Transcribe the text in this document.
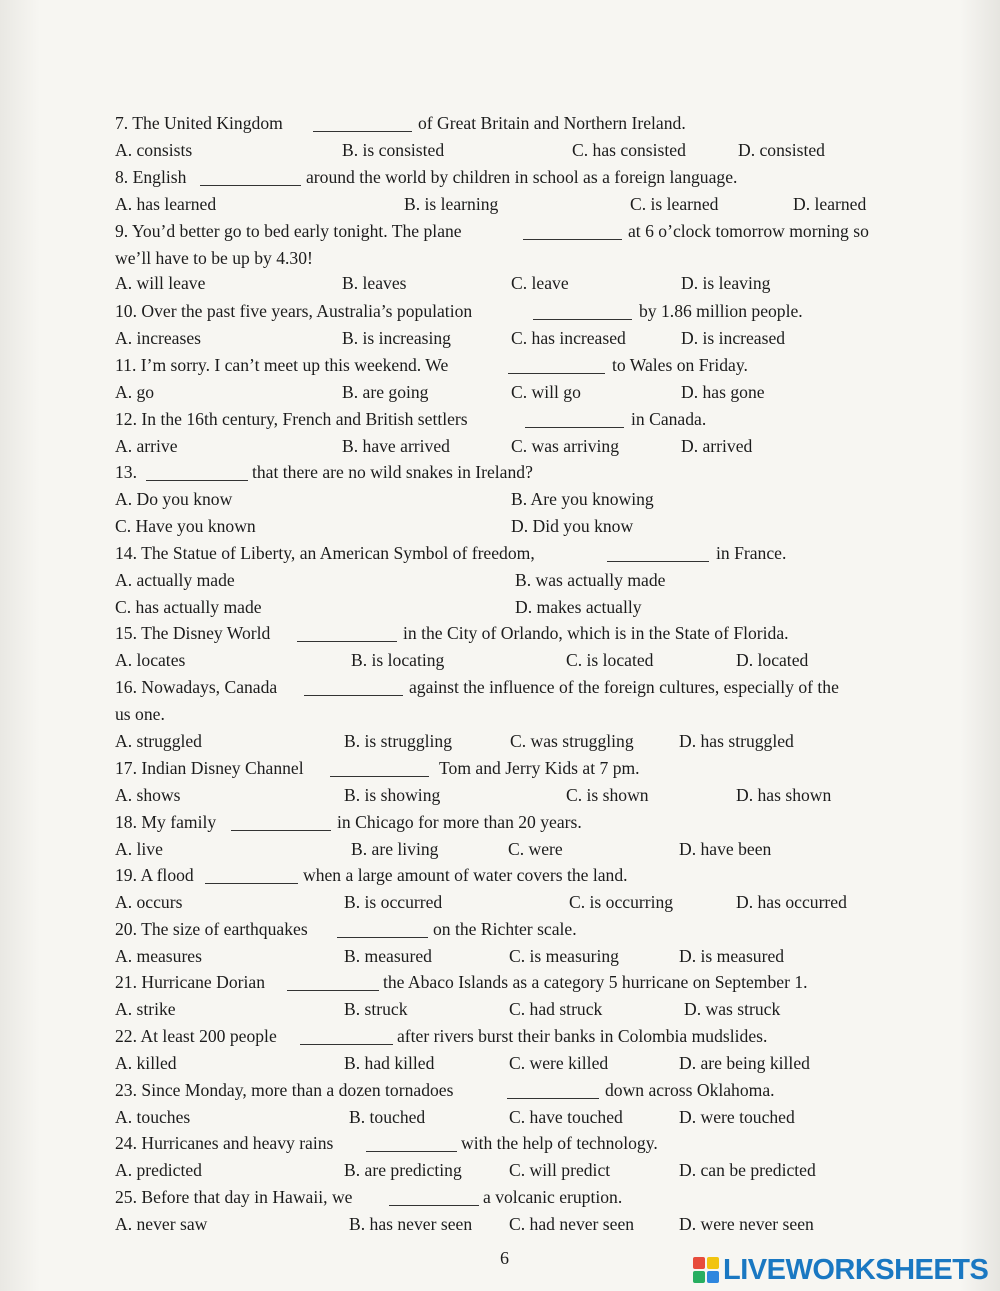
7. The United Kingdom	of Great Britain and Northern Ireland.
A. consists	B. is consisted	C. has consisted	D. consisted
8. English	around the world by children in school as a foreign language.
A. has learned	B. is learning	C. is learned	D. learned
9. You’d better go to bed early tonight. The plane	at 6 o’clock tomorrow morning so
we’ll have to be up by 4.30!
A. will leave	B. leaves	C. leave	D. is leaving
10. Over the past five years, Australia’s population	by 1.86 million people.
A. increases	B. is increasing	C. has increased	D. is increased
11. I’m sorry. I can’t meet up this weekend. We	to Wales on Friday.
A. go	B. are going	C. will go	D. has gone
12. In the 16th century, French and British settlers	in Canada.
A. arrive	B. have arrived	C. was arriving	D. arrived
13.	that there are no wild snakes in Ireland?
A. Do you know	B. Are you knowing
C. Have you known	D. Did you know
14. The Statue of Liberty, an American Symbol of freedom,	in France.
A. actually made	B. was actually made
C. has actually made	D. makes actually
15. The Disney World	in the City of Orlando, which is in the State of Florida.
A. locates	B. is locating	C. is located	D. located
16. Nowadays, Canada	against the influence of the foreign cultures, especially of the
us one.
A. struggled	B. is struggling	C. was struggling	D. has struggled
17. Indian Disney Channel	Tom and Jerry Kids at 7 pm.
A. shows	B. is showing	C. is shown	D. has shown
18. My family	in Chicago for more than 20 years.
A. live	B. are living	C. were	D. have been
19. A flood	when a large amount of water covers the land.
A. occurs	B. is occurred	C. is occurring	D. has occurred
20. The size of earthquakes	on the Richter scale.
A. measures	B. measured	C. is measuring	D. is measured
21. Hurricane Dorian	the Abaco Islands as a category 5 hurricane on September 1.
A. strike	B. struck	C. had struck	D. was struck
22. At least 200 people	after rivers burst their banks in Colombia mudslides.
A. killed	B. had killed	C. were killed	D. are being killed
23. Since Monday, more than a dozen tornadoes	down across Oklahoma.
A. touches	B. touched	C. have touched	D. were touched
24. Hurricanes and heavy rains	with the help of technology.
A. predicted	B. are predicting	C. will predict	D. can be predicted
25. Before that day in Hawaii, we	a volcanic eruption.
A. never saw	B. has never seen C. had never seen	D. were never seen
6	LIVEWORKSHEETS
